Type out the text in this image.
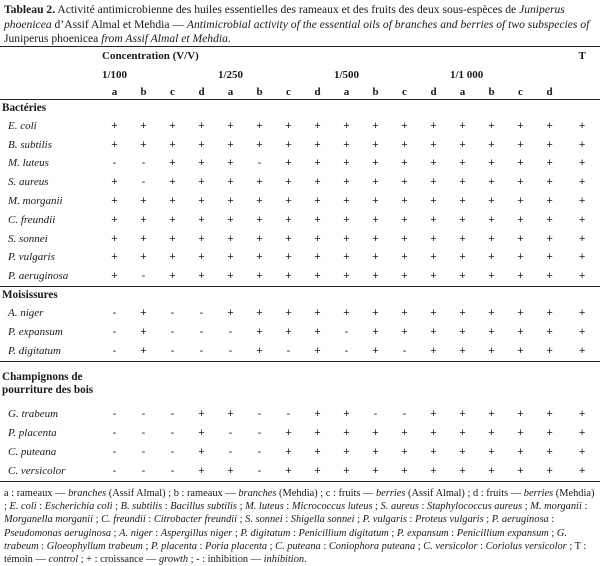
Tableau 2. Activité antimicrobienne des huiles essentielles des rameaux et des fruits des deux sous-espèces de Juniperus phoenicea d’Assif Almal et Mehdia — Antimicrobial activity of the essential oils of branches and berries of two subspecies of Juniperus phoenicea from Assif Almal et Mehdia.
	Concentration (V/V)																T
	1/100				1/250				1/500				1/1 000				
	a	b	c	d	a	b	c	d	a	b	c	d	a	b	c	d	
Bactéries																	
E. coli	+	+	+	+	+	+	+	+	+	+	+	+	+	+	+	+	+
B. subtilis	+	+	+	+	+	+	+	+	+	+	+	+	+	+	+	+	+
M. luteus	-	-	+	+	+	-	+	+	+	+	+	+	+	+	+	+	+
S. aureus	+	-	+	+	+	+	+	+	+	+	+	+	+	+	+	+	+
M. morganii	+	+	+	+	+	+	+	+	+	+	+	+	+	+	+	+	+
C. freundii	+	+	+	+	+	+	+	+	+	+	+	+	+	+	+	+	+
S. sonnei	+	+	+	+	+	+	+	+	+	+	+	+	+	+	+	+	+
P. vulgaris	+	+	+	+	+	+	+	+	+	+	+	+	+	+	+	+	+
P. aeruginosa	+	-	+	+	+	+	+	+	+	+	+	+	+	+	+	+	+
Moisissures																	
A. niger	-	+	-	-	+	+	+	+	+	+	+	+	+	+	+	+	+
P. expansum	-	+	-	-	-	+	+	+	-	+	+	+	+	+	+	+	+
P. digitatum	-	+	-	-	-	+	-	+	-	+	-	+	+	+	+	+	+
Champignons de pourriture des bois																	
G. trabeum	-	-	-	+	+	-	-	+	+	-	-	+	+	+	+	+	+
P. placenta	-	-	-	+	-	-	+	+	+	+	+	+	+	+	+	+	+
C. puteana	-	-	-	+	-	-	+	+	+	+	+	+	+	+	+	+	+
C. versicolor	-	-	-	+	+	-	+	+	+	+	+	+	+	+	+	+	+
a : rameaux — branches (Assif Almal) ; b : rameaux — branches (Mehdia) ; c : fruits — berries (Assif Almal) ; d : fruits — berries (Mehdia) ; E. coli : Escherichia coli ; B. subtilis : Bacillus subtilis ; M. luteus : Micrococcus luteus ; S. aureus : Staphylococcus aureus ; M. morganii : Morganella morganii ; C. freundii : Citrobacter freundii ; S. sonnei : Shigella sonnei ; P. vulgaris : Proteus vulgaris ; P. aeruginosa : Pseudomonas aeruginosa ; A. niger : Aspergillus niger ; P. digitatum : Penicillium digitatum ; P. expansum : Penicillium expansum ; G. trabeum : Gloeophyllum trabeum ; P. placenta : Poria placenta ; C. puteana : Coniophora puteana ; C. versicolor : Coriolus versicolor ; T : témoin — control ; + : croissance — growth ; - : inhibition — inhibition.
